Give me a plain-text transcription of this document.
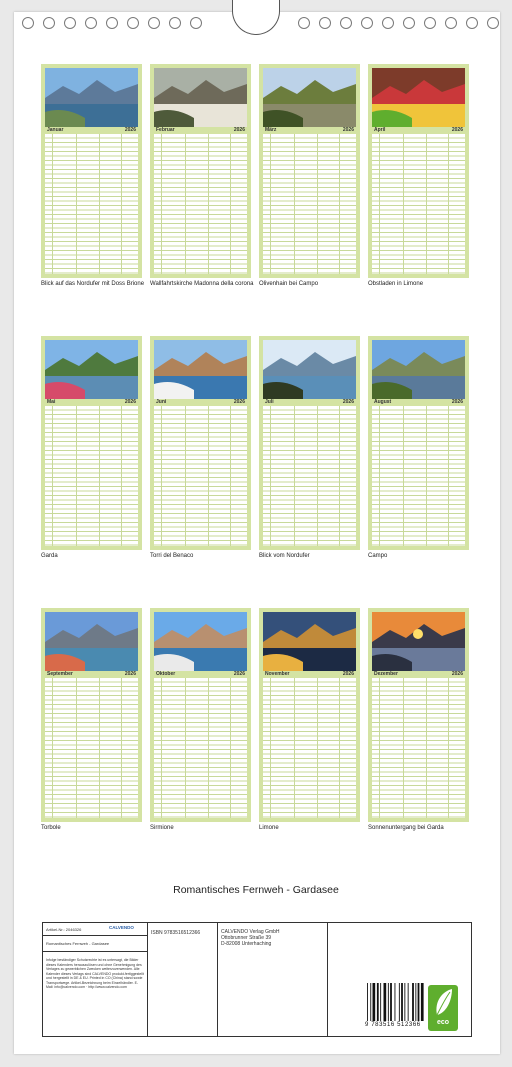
Januar	2026
Blick auf das Nordufer mit Doss Brione
Februar	2026
Wallfahrtskirche Madonna della corona
März	2026
Olivenhain bei Campo
April	2026
Obstladen in Limone
Mai	2026
Garda
Juni	2026
Torri del Benaco
Juli	2026
Blick vom Nordufer
August	2026
Campo
September	2026
Torbole
Oktober	2026
Sirmione
November	2026
Limone
Dezember	2026
Sonnenuntergang bei Garda
Romantisches Fernweh - Gardasee
Artikel-Nr.: 2046326	CALVENDO
Romantisches Fernweh - Gardasee
Infolge beständiger Schutzrechte ist es untersagt, die Bilder dieses Kalenders herauszulösen und ohne Genehmigung des Verlages zu gewerblichen Zwecken weiterzuverwenden. Alle Kalender dieses Verlags sind CALVENDO produkt-fertiggestellt und hergestellt in DE & EU. Printed in CO (China) stand sowie Transportwege. Artikel-Bezeichnung beim Einzelhändler. E-Mail: info@calvendo.com · http://www.calvendo.com
ISBN 9783516512366	CALVENDO Verlag GmbH
Ottobrunner Straße 39
D-82008 Unterhaching
9 783516 512366	eco
